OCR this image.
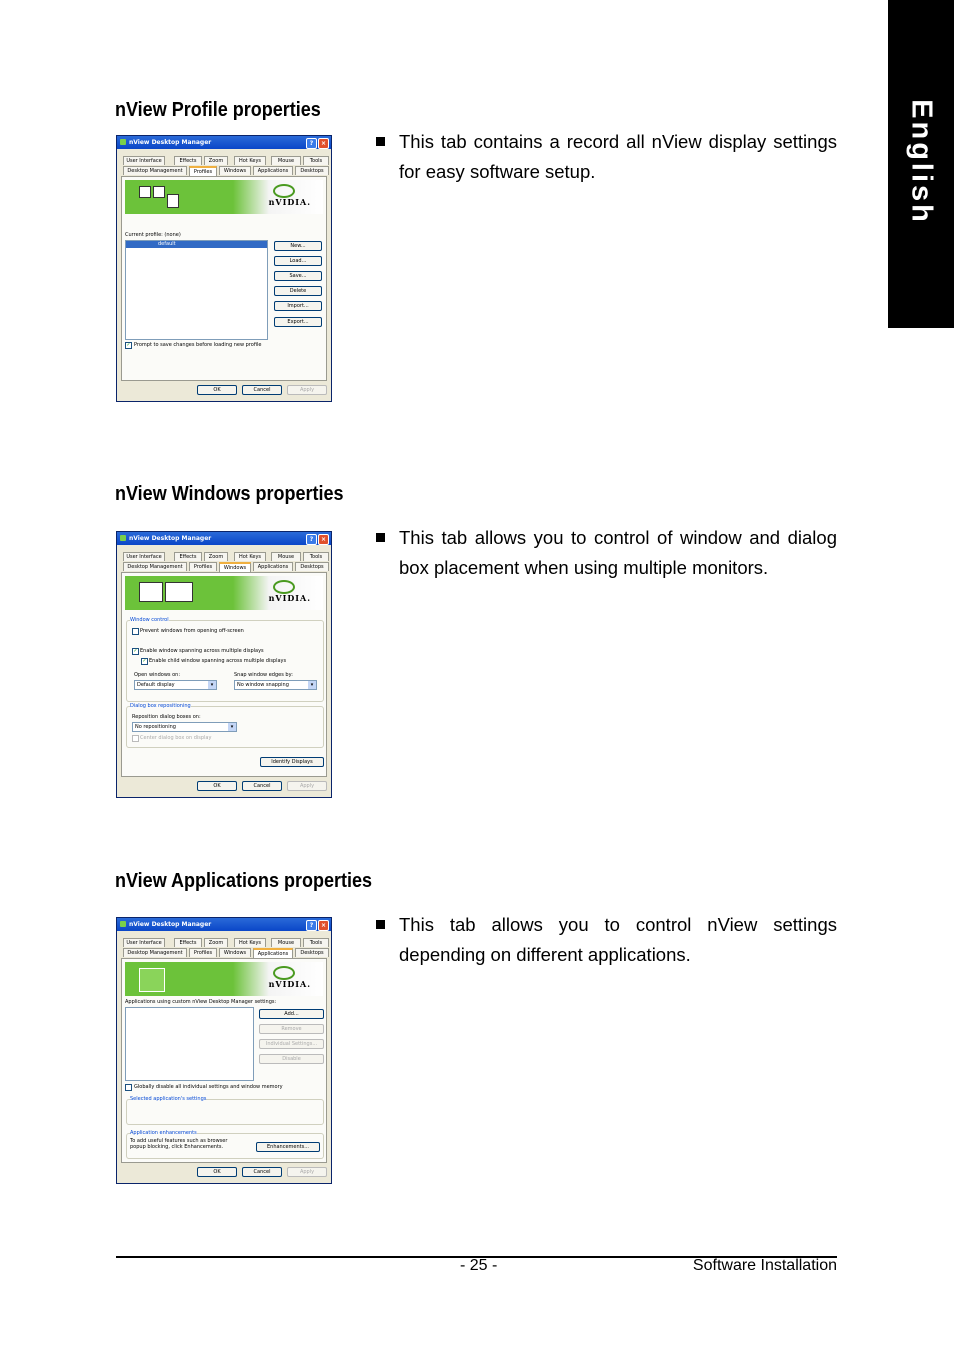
English
nView Profile properties
This tab contains a record all nView display settings for easy software setup.
nView Desktop Manager	?	×
User Interface	Effects	Zoom	Hot Keys	Mouse	Tools
Desktop Management	Profiles	Windows	Applications	Desktops
nVIDIA.
Current profile: (none)
default	New...
Load...
Save...
Delete
Import...
Export...
✓ Prompt to save changes before loading new profile
OK	Cancel	Apply
nView Windows properties
This tab allows you to control of window and dialog box placement when using multiple monitors.
nView Desktop Manager	?	×
User Interface	Effects	Zoom	Hot Keys	Mouse	Tools
Desktop Management	Profiles	Windows	Applications	Desktops
nVIDIA.
Window control
Prevent windows from opening off-screen
✓ Enable window spanning across multiple displays
✓ Enable child window spanning across multiple displays
Open windows on:
Default display	▾
Snap window edges by:
No window snapping	▾
Dialog box repositioning
Reposition dialog boxes on:
No repositioning	▾
Center dialog box on display
Identify Displays
OK	Cancel	Apply
nView Applications properties
This tab allows you to control nView settings depending on different applications.
nView Desktop Manager	?	×
User Interface	Effects	Zoom	Hot Keys	Mouse	Tools
Desktop Management	Profiles	Windows	Applications	Desktops
nVIDIA.
Applications using custom nView Desktop Manager settings:
Add...
Remove
Individual Settings...
Disable
Globally disable all individual settings and window memory
Selected application's settings
Application enhancements
To add useful features such as browser popup blocking, click Enhancements.	Enhancements...
OK	Cancel	Apply
- 25 -	Software Installation
